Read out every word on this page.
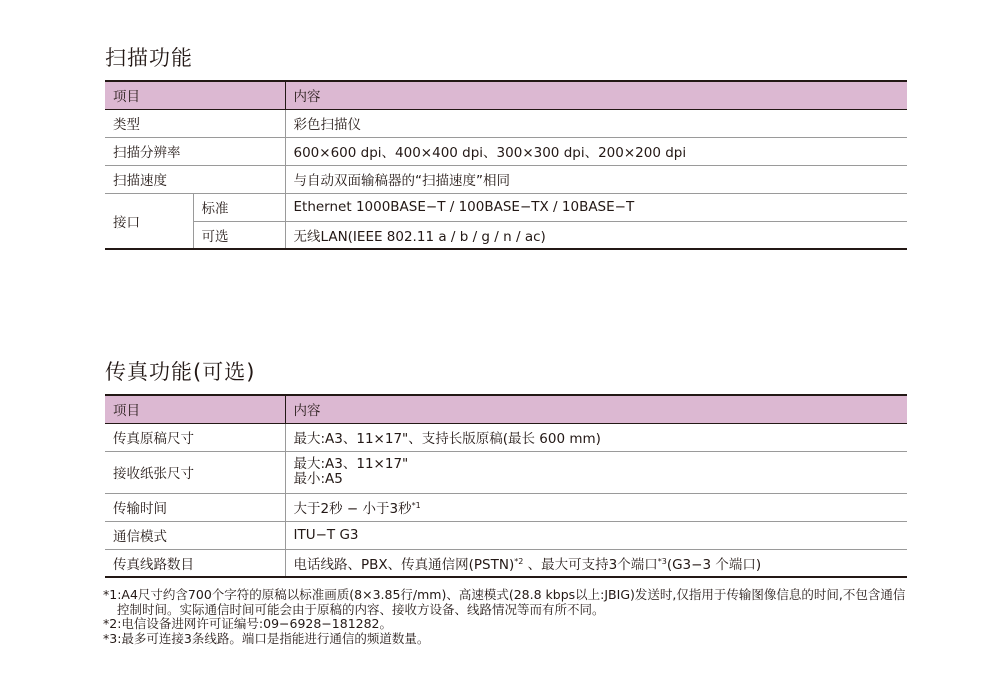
扫描功能
项目		内容
类型		彩色扫描仪
扫描分辨率		600×600 dpi、400×400 dpi、300×300 dpi、200×200 dpi
扫描速度		与自动双面输稿器的“扫描速度”相同
接口	标准	Ethernet 1000BASE−T / 100BASE−TX / 10BASE−T
	可选	无线LAN(IEEE 802.11 a / b / g / n / ac)
传真功能(可选)
项目	内容
传真原稿尺寸	最大:A3、11×17"、支持长版原稿(最长 600 mm)
接收纸张尺寸	最大:A3、11×17"
最小:A5

传输时间	大于2秒 − 小于3秒$^{*1}$
通信模式	ITU−T G3
传真线路数目	电话线路、PBX、传真通信网(PSTN)$^{*2}$ 、最大可支持3个端口$^{*3}$(G3−3 个端口)
*1:A4尺寸约含700个字符的原稿以标准画质(8×3.85行/mm)、高速模式(28.8 kbps以上:JBIG)发送时,仅指用于传输图像信息的时间,不包含通信控制时间。实际通信时间可能会由于原稿的内容、接收方设备、线路情况等而有所不同。
*2:电信设备进网许可证编号:09−6928−181282。
*3:最多可连接3条线路。端口是指能进行通信的频道数量。
